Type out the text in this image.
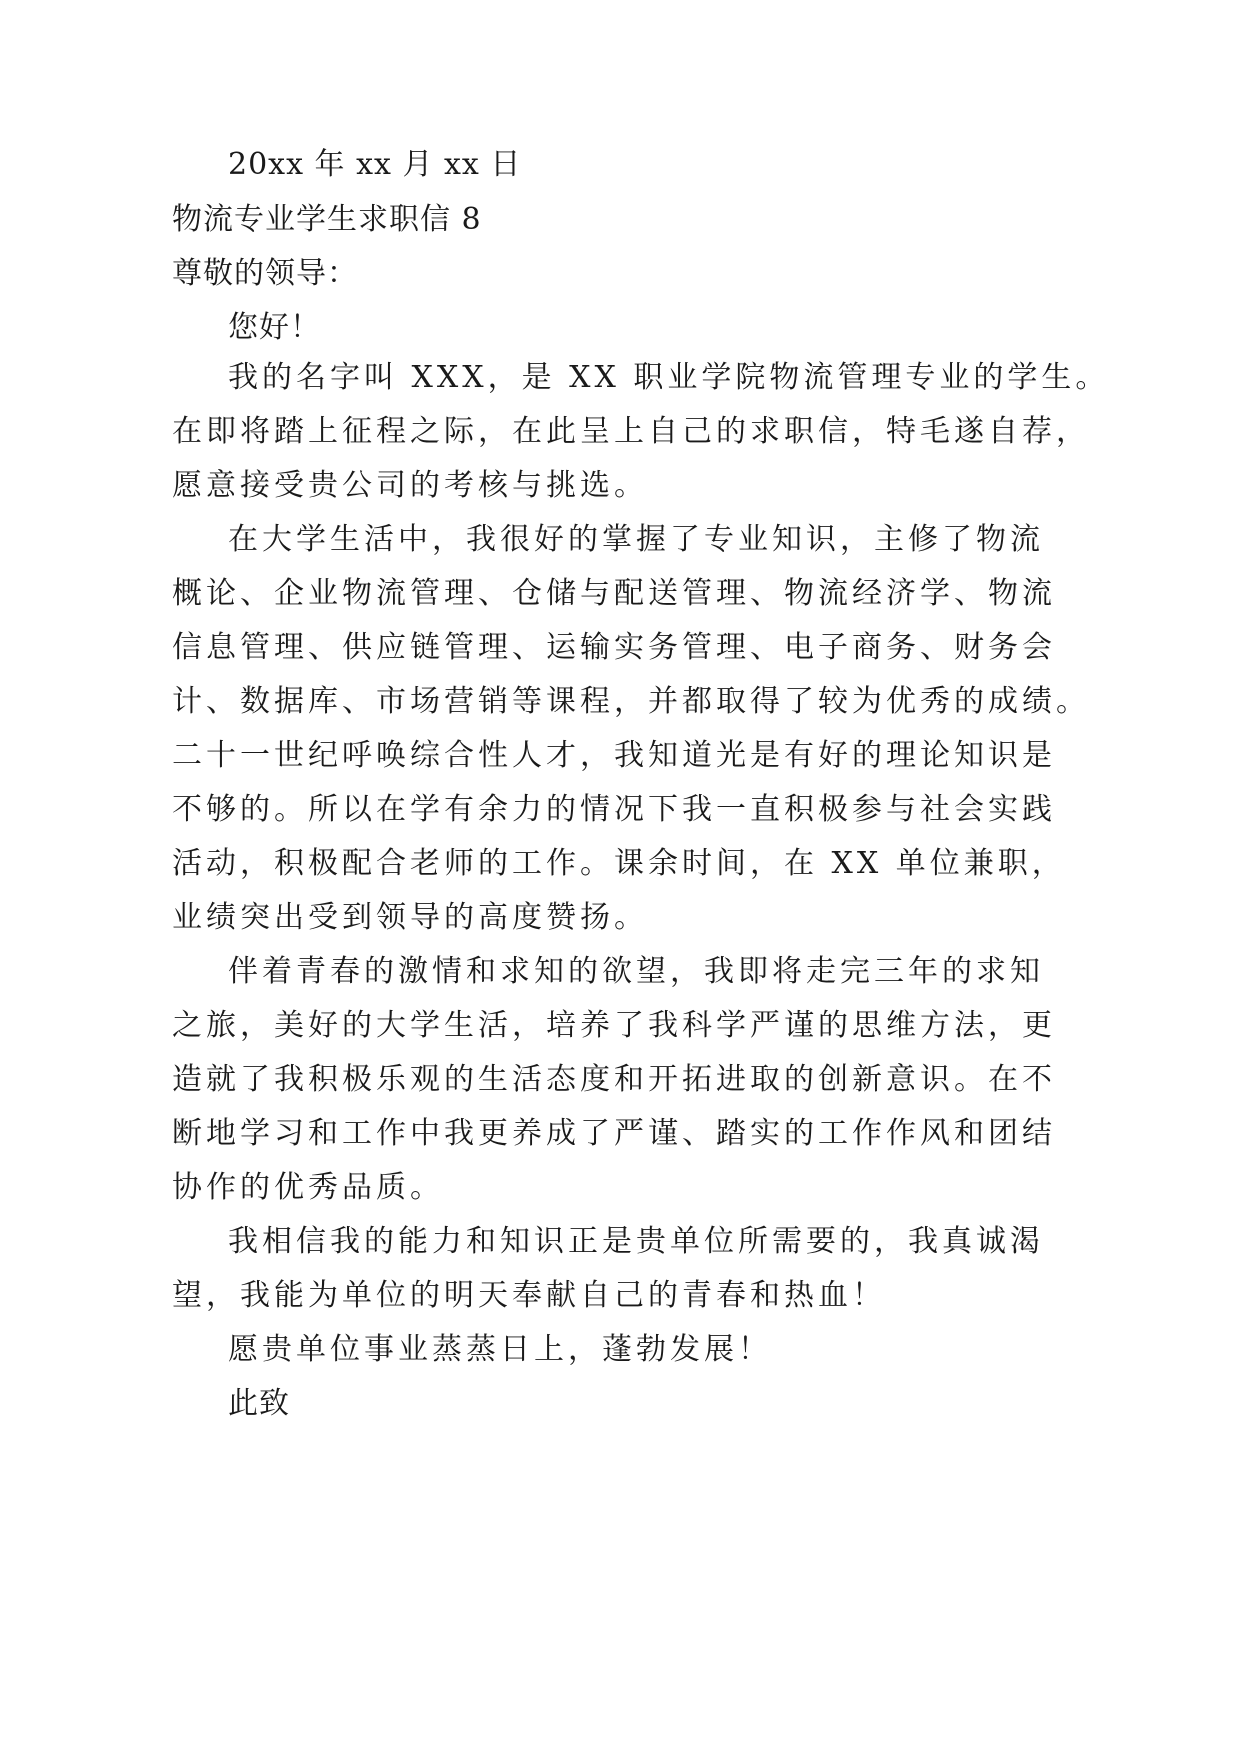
20xx 年 xx 月 xx 日
物流专业学生求职信 8
尊敬的领导：
您好！
我的名字叫 XXX，是 XX 职业学院物流管理专业的学生。
在即将踏上征程之际，在此呈上自己的求职信，特毛遂自荐，
愿意接受贵公司的考核与挑选。
在大学生活中，我很好的掌握了专业知识，主修了物流
概论、企业物流管理、仓储与配送管理、物流经济学、物流
信息管理、供应链管理、运输实务管理、电子商务、财务会
计、数据库、市场营销等课程，并都取得了较为优秀的成绩。
二十一世纪呼唤综合性人才，我知道光是有好的理论知识是
不够的。所以在学有余力的情况下我一直积极参与社会实践
活动，积极配合老师的工作。课余时间，在 XX 单位兼职，
业绩突出受到领导的高度赞扬。
伴着青春的激情和求知的欲望，我即将走完三年的求知
之旅，美好的大学生活，培养了我科学严谨的思维方法，更
造就了我积极乐观的生活态度和开拓进取的创新意识。在不
断地学习和工作中我更养成了严谨、踏实的工作作风和团结
协作的优秀品质。
我相信我的能力和知识正是贵单位所需要的，我真诚渴
望，我能为单位的明天奉献自己的青春和热血！
愿贵单位事业蒸蒸日上，蓬勃发展！
此致
